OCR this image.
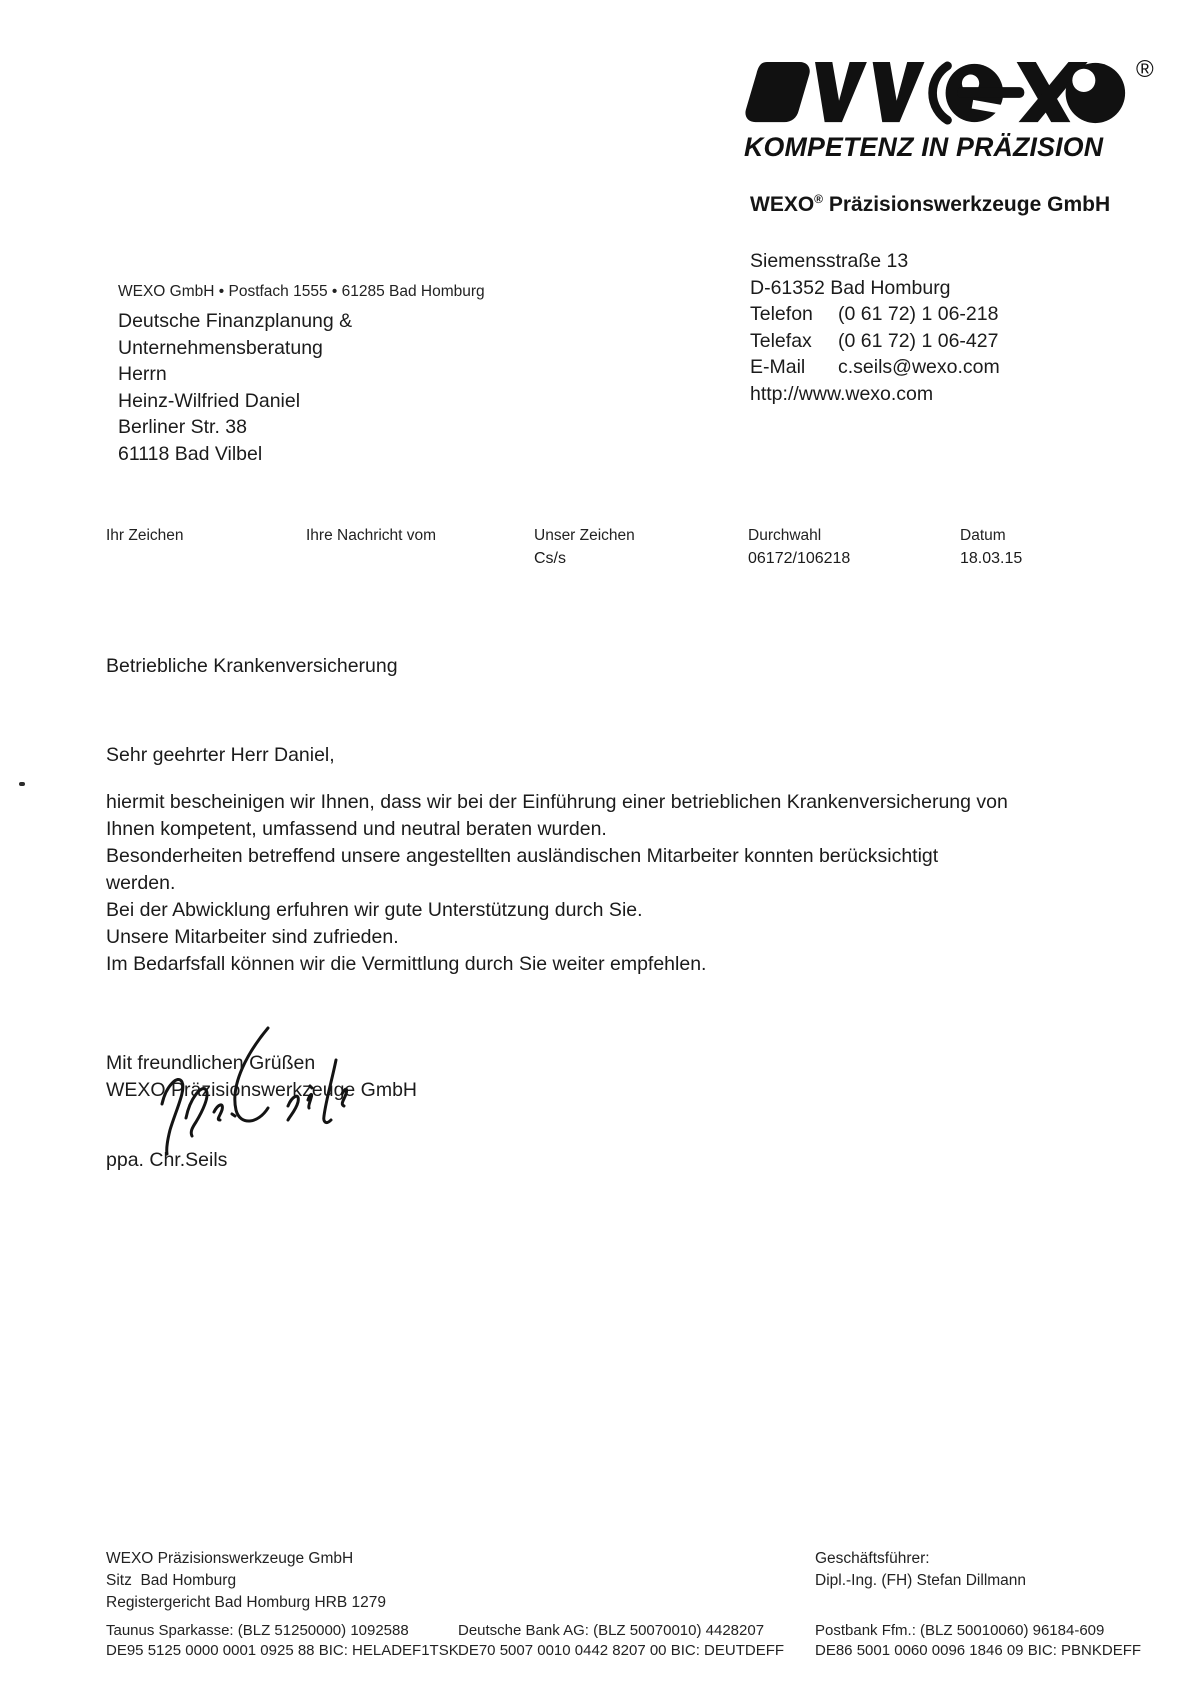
®
KOMPETENZ IN PRÄZISION
WEXO® Präzisionswerkzeuge GmbH
Siemensstraße 13
D-61352 Bad Homburg
Telefon (0 61 72) 1 06-218
Telefax (0 61 72) 1 06-427
E-Mail c.seils@wexo.com
http://www.wexo.com
WEXO GmbH • Postfach 1555 • 61285 Bad Homburg
Deutsche Finanzplanung &
Unternehmensberatung
Herrn
Heinz-Wilfried Daniel
Berliner Str. 38
61118 Bad Vilbel
Ihr Zeichen	Ihre Nachricht vom	Unser Zeichen
Cs/s
Durchwahl
06172/106218
Datum
18.03.15
Betriebliche Krankenversicherung
Sehr geehrter Herr Daniel,
hiermit bescheinigen wir Ihnen, dass wir bei der Einführung einer betrieblichen Krankenversicherung von
Ihnen kompetent, umfassend und neutral beraten wurden.
Besonderheiten betreffend unsere angestellten ausländischen Mitarbeiter konnten berücksichtigt
werden.
Bei der Abwicklung erfuhren wir gute Unterstützung durch Sie.
Unsere Mitarbeiter sind zufrieden.
Im Bedarfsfall können wir die Vermittlung durch Sie weiter empfehlen.
Mit freundlichen Grüßen
WEXO Präzisionswerkzeuge GmbH
ppa. Chr.Seils
WEXO Präzisionswerkzeuge GmbH
Sitz  Bad Homburg
Registergericht Bad Homburg HRB 1279
Geschäftsführer:
Dipl.-Ing. (FH) Stefan Dillmann
Taunus Sparkasse: (BLZ 51250000) 1092588
DE95 5125 0000 0001 0925 88 BIC: HELADEF1TSK
Deutsche Bank AG: (BLZ 50070010) 4428207
DE70 5007 0010 0442 8207 00 BIC: DEUTDEFF
Postbank Ffm.: (BLZ 50010060) 96184-609
DE86 5001 0060 0096 1846 09 BIC: PBNKDEFF
